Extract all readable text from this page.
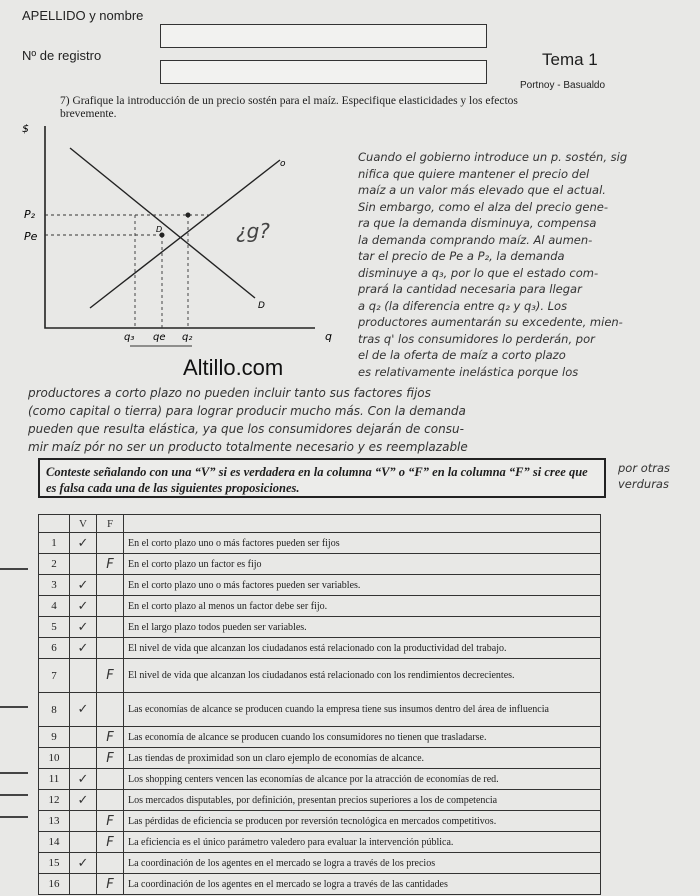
APELLIDO y nombre
Nº de registro	Tema 1
Portnoy - Basualdo
7) Grafique la introducción de un precio sostén para el maíz. Especifique elasticidades y los efectos
brevemente.
$
q
P₂
Pe
q₃ qe q₂
o
D
D	¿g?
Cuando el gobierno introduce un p. sostén, sig
nifica que quiere mantener el precio del
maíz a un valor más elevado que el actual.
Sin embargo, como el alza del precio gene-
ra que la demanda disminuya, compensa
la demanda comprando maíz. Al aumen-
tar el precio de Pe a P₂, la demanda
disminuye a q₃, por lo que el estado com-
prará la cantidad necesaria para llegar
a q₂ (la diferencia entre q₂ y q₃). Los
productores aumentarán su excedente, mien-
tras q' los consumidores lo perderán, por
el de la oferta de maíz a corto plazo
es relativamente inelástica porque los
Altillo.com
productores a corto plazo no pueden incluir tanto sus factores fijos
(como capital o tierra) para lograr producir mucho más. Con la demanda
pueden que resulta elástica, ya que los consumidores dejarán de consu-
mir maíz pór no ser un producto totalmente necesario y es reemplazable
por otras
verduras
Conteste señalando con una “V” si es verdadera en la columna “V” o “F” en la columna “F” si cree que es falsa cada una de las siguientes proposiciones.
	V	F	
1	✓		En el corto plazo uno o más factores pueden ser fijos
2		F	En el corto plazo un factor es fijo
3	✓		En el corto plazo uno o más factores pueden ser variables.
4	✓		En el corto plazo al menos un factor debe ser fijo.
5	✓		En el largo plazo todos pueden ser variables.
6	✓		El nivel de vida que alcanzan los ciudadanos está relacionado con la productividad del trabajo.
7		F	El nivel de vida que alcanzan los ciudadanos está relacionado con los rendimientos decrecientes.
8	✓		Las economías de alcance se producen cuando la empresa tiene sus insumos dentro del área de influencia
9		F	Las economía de alcance se producen cuando los consumidores no tienen que trasladarse.
10		F	Las tiendas de proximidad son un claro ejemplo de economías de alcance.
11	✓		Los shopping centers vencen las economías de alcance por la atracción de economías de red.
12	✓		Los mercados disputables, por definición, presentan precios superiores a los de competencia
13		F	Las pérdidas de eficiencia se producen por reversión tecnológica en mercados competitivos.
14		F	La eficiencia es el único parámetro valedero para evaluar la intervención pública.
15	✓		La coordinación de los agentes en el mercado se logra a través de los precios
16		F	La coordinación de los agentes en el mercado se logra a través de las cantidades
